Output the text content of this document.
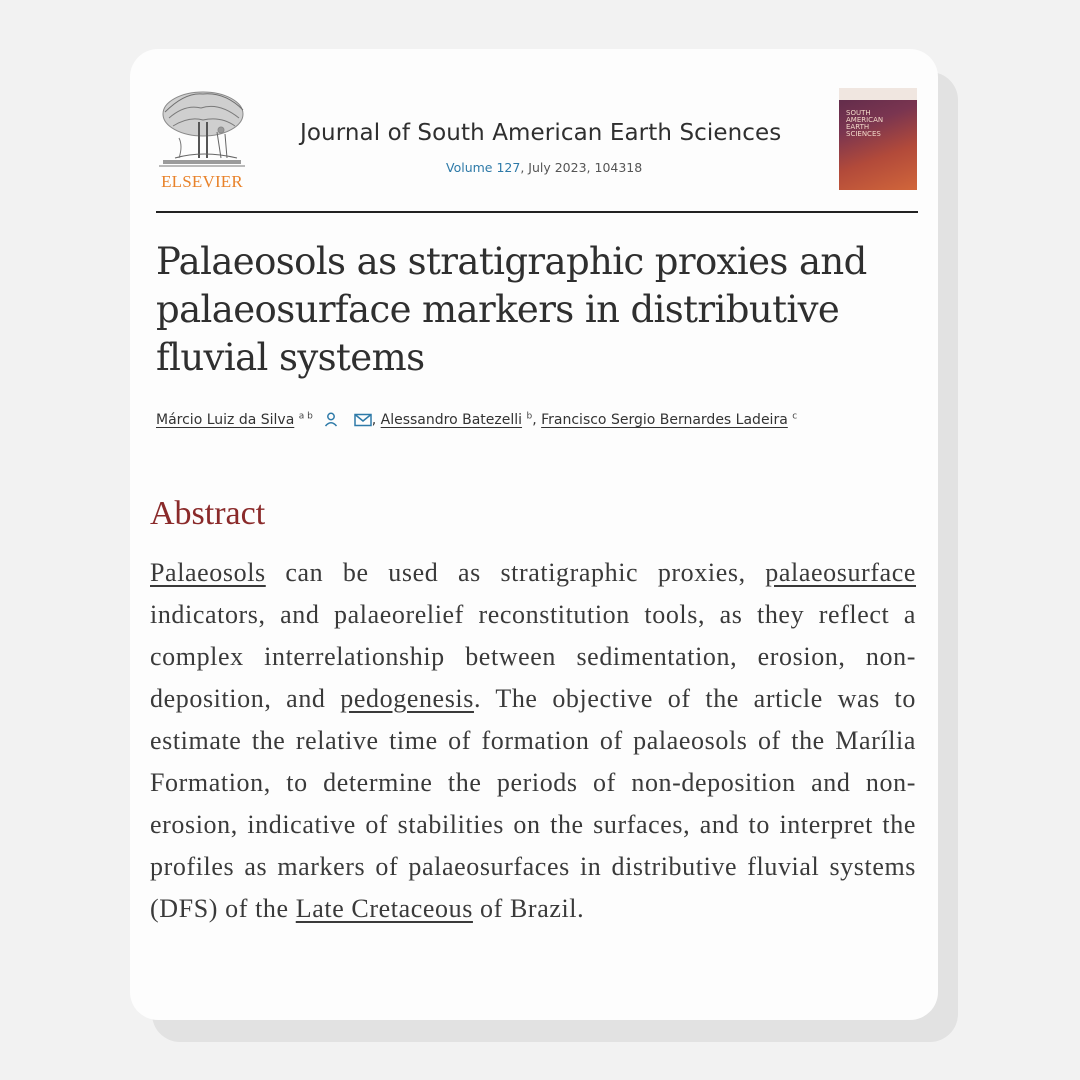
ELSEVIER
Journal of South American Earth Sciences
Volume 127, July 2023, 104318
SOUTH
AMERICAN
EARTH
SCIENCES
Palaeosols as stratigraphic proxies and palaeosurface markers in distributive fluvial systems
Márcio Luiz da Silva $^{a b}$	, Alessandro Batezelli $^b$, Francisco Sergio Bernardes Ladeira $^c$
Abstract
Palaeosols can be used as stratigraphic proxies, palaeosurface indicators, and palaeorelief reconstitution tools, as they reflect a complex interrelationship between sedimentation, erosion, non-deposition, and pedogenesis. The objective of the article was to estimate the relative time of formation of palaeosols of the Marília Formation, to determine the periods of non-deposition and non-erosion, indicative of stabilities on the surfaces, and to interpret the profiles as markers of palaeosurfaces in distributive fluvial systems (DFS) of the Late Cretaceous of Brazil.
